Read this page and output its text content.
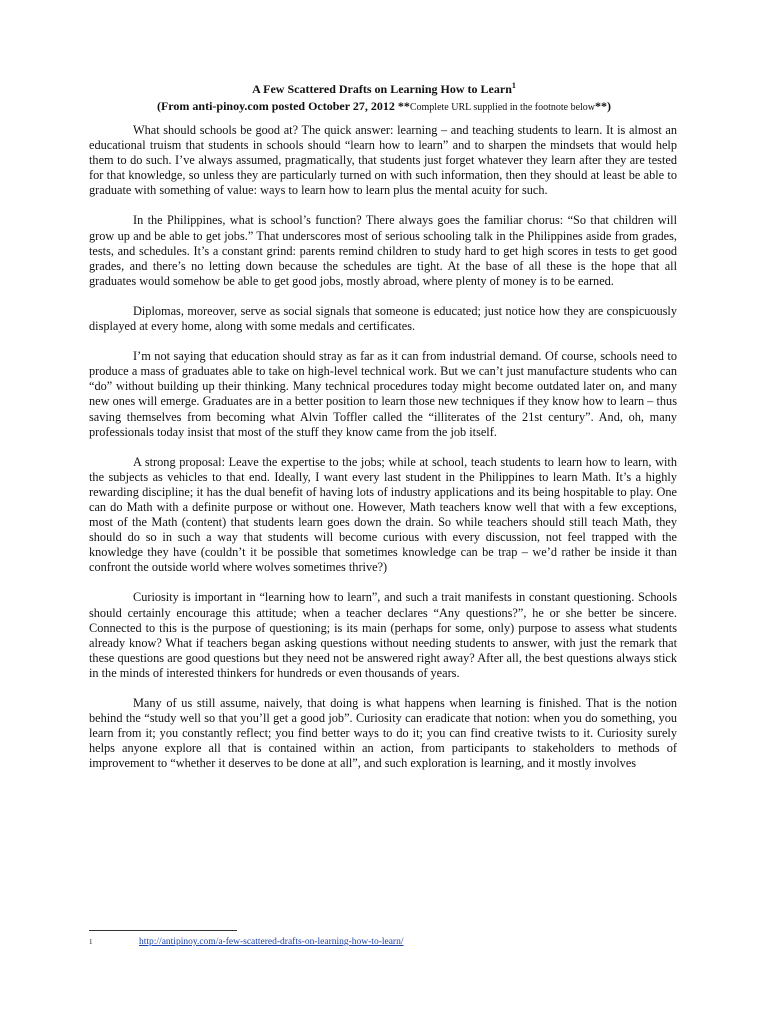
A Few Scattered Drafts on Learning How to Learn$^1$

(From anti-pinoy.com posted October 27, 2012 **Complete URL supplied in the footnote below**)

What should schools be good at? The quick answer: learning – and teaching students to learn. It is almost an educational truism that students in schools should “learn how to learn” and to sharpen the mindsets that would help them to do such. I’ve always assumed, pragmatically, that students just forget whatever they learn after they are tested for that knowledge, so unless they are particularly turned on with such information, then they should at least be able to graduate with something of value: ways to learn how to learn plus the mental acuity for such.

In the Philippines, what is school’s function? There always goes the familiar chorus: “So that children will grow up and be able to get jobs.” That underscores most of serious schooling talk in the Philippines aside from grades, tests, and schedules. It’s a constant grind: parents remind children to study hard to get high scores in tests to get good grades, and there’s no letting down because the schedules are tight. At the base of all these is the hope that all graduates would somehow be able to get good jobs, mostly abroad, where plenty of money is to be earned.

Diplomas, moreover, serve as social signals that someone is educated; just notice how they are conspicuously displayed at every home, along with some medals and certificates.

I’m not saying that education should stray as far as it can from industrial demand. Of course, schools need to produce a mass of graduates able to take on high-level technical work. But we can’t just manufacture students who can “do” without building up their thinking. Many technical procedures today might become outdated later on, and many new ones will emerge. Graduates are in a better position to learn those new techniques if they know how to learn – thus saving themselves from becoming what Alvin Toffler called the “illiterates of the 21st century”. And, oh, many professionals today insist that most of the stuff they know came from the job itself.

A strong proposal: Leave the expertise to the jobs; while at school, teach students to learn how to learn, with the subjects as vehicles to that end. Ideally, I want every last student in the Philippines to learn Math. It’s a highly rewarding discipline; it has the dual benefit of having lots of industry applications and its being hospitable to play. One can do Math with a definite purpose or without one. However, Math teachers know well that with a few exceptions, most of the Math (content) that students learn goes down the drain. So while teachers should still teach Math, they should do so in such a way that students will become curious with every discussion, not feel trapped with the knowledge they have (couldn’t it be possible that sometimes knowledge can be trap – we’d rather be inside it than confront the outside world where wolves sometimes thrive?)

Curiosity is important in “learning how to learn”, and such a trait manifests in constant questioning. Schools should certainly encourage this attitude; when a teacher declares “Any questions?”, he or she better be sincere. Connected to this is the purpose of questioning; is its main (perhaps for some, only) purpose to assess what students already know? What if teachers began asking questions without needing students to answer, with just the remark that these questions are good questions but they need not be answered right away? After all, the best questions always stick in the minds of interested thinkers for hundreds or even thousands of years.

Many of us still assume, naively, that doing is what happens when learning is finished. That is the notion behind the “study well so that you’ll get a good job”. Curiosity can eradicate that notion: when you do something, you learn from it; you constantly reflect; you find better ways to do it; you can find creative twists to it. Curiosity surely helps anyone explore all that is contained within an action, from participants to stakeholders to methods of improvement to “whether it deserves to be done at all”, and such exploration is learning, and it mostly involves

1	http://antipinoy.com/a-few-scattered-drafts-on-learning-how-to-learn/
